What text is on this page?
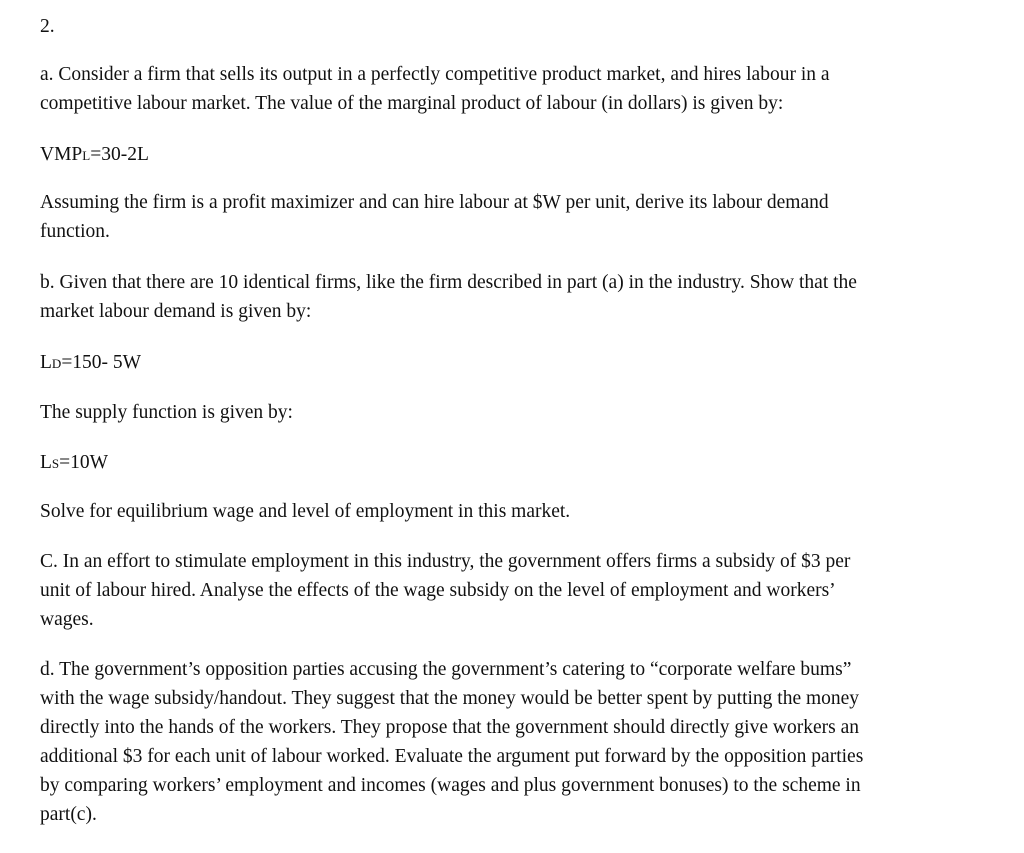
2.
a. Consider a firm that sells its output in a perfectly competitive product market, and hires labour in a
competitive labour market. The value of the marginal product of labour (in dollars) is given by:
VMPL=30-2L
Assuming the firm is a profit maximizer and can hire labour at $W per unit, derive its labour demand
function.
b. Given that there are 10 identical firms, like the firm described in part (a) in the industry. Show that the
market labour demand is given by:
LD=150- 5W
The supply function is given by:
LS=10W
Solve for equilibrium wage and level of employment in this market.
C. In an effort to stimulate employment in this industry, the government offers firms a subsidy of $3 per
unit of labour hired. Analyse the effects of the wage subsidy on the level of employment and workers’
wages.
d. The government’s opposition parties accusing the government’s catering to “corporate welfare bums”
with the wage subsidy/handout. They suggest that the money would be better spent by putting the money
directly into the hands of the workers. They propose that the government should directly give workers an
additional $3 for each unit of labour worked. Evaluate the argument put forward by the opposition parties
by comparing workers’ employment and incomes (wages and plus government bonuses) to the scheme in
part(c).
